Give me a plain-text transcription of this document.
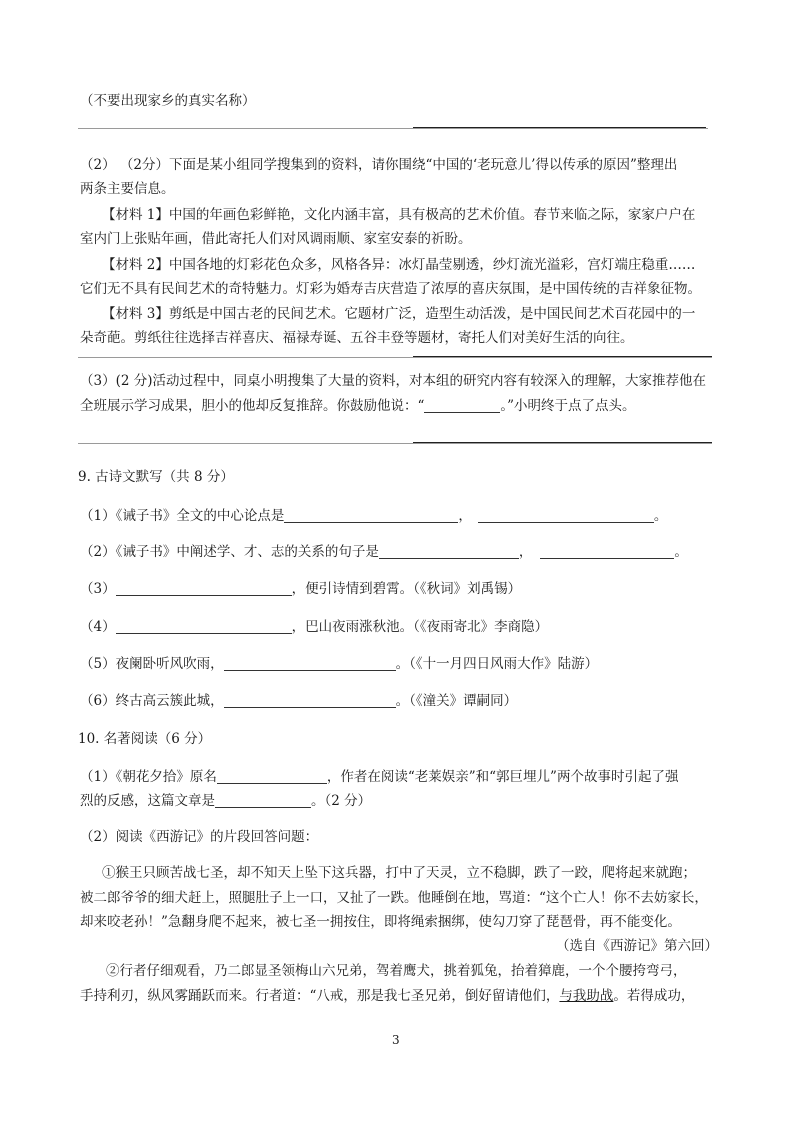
（不要出现家乡的真实名称）
（2） （2分）下面是某小组同学搜集到的资料，请你围绕“中国的‘老玩意儿’得以传承的原因”整理出
两条主要信息。
【材料 1】中国的年画色彩鲜艳，文化内涵丰富，具有极高的艺术价值。春节来临之际，家家户户在
室内门上张贴年画，借此寄托人们对风调雨顺、家室安泰的祈盼。
【材料 2】中国各地的灯彩花色众多，风格各异：冰灯晶莹剔透，纱灯流光溢彩，宫灯端庄稳重……
它们无不具有民间艺术的奇特魅力。灯彩为婚寿吉庆营造了浓厚的喜庆氛围，是中国传统的吉祥象征物。
【材料 3】剪纸是中国古老的民间艺术。它题材广泛，造型生动活泼，是中国民间艺术百花园中的一
朵奇葩。剪纸往往选择吉祥喜庆、福禄寿诞、五谷丰登等题材，寄托人们对美好生活的向往。
（3）(2 分)活动过程中，同桌小明搜集了大量的资料，对本组的研究内容有较深入的理解，大家推荐他在
全班展示学习成果，胆小的他却反复推辞。你鼓励他说：“	。”小明终于点了点头。
9. 古诗文默写（共 8 分）
（1）《诫子书》全文的中心论点是	，	。
（2）《诫子书》中阐述学、才、志的关系的句子是	，	。
（3）	，便引诗情到碧霄。（《秋词》刘禹锡）
（4）	，巴山夜雨涨秋池。（《夜雨寄北》李商隐）
（5）夜阑卧听风吹雨，	。（《十一月四日风雨大作》陆游）
（6）终古高云簇此城，	。（《潼关》谭嗣同）
10. 名著阅读（6 分）
（1）《朝花夕拾》原名	，作者在阅读“老莱娱亲”和“郭巨埋儿”两个故事时引起了强
烈的反感，这篇文章是	。（2 分）
（2）阅读《西游记》的片段回答问题：
①猴王只顾苦战七圣，却不知天上坠下这兵器，打中了天灵，立不稳脚，跌了一跤，爬将起来就跑；
被二郎爷爷的细犬赶上，照腿肚子上一口，又扯了一跌。他睡倒在地，骂道：“这个亡人！你不去妨家长，
却来咬老孙！”急翻身爬不起来，被七圣一拥按住，即将绳索捆绑，使勾刀穿了琵琶骨，再不能变化。
（选自《西游记》第六回）
②行者仔细观看，乃二郎显圣领梅山六兄弟，驾着鹰犬，挑着狐兔，抬着獐鹿，一个个腰挎弯弓，
手持利刃，纵风雾踊跃而来。行者道：“八戒，那是我七圣兄弟，倒好留请他们，与我助战。若得成功，
3
